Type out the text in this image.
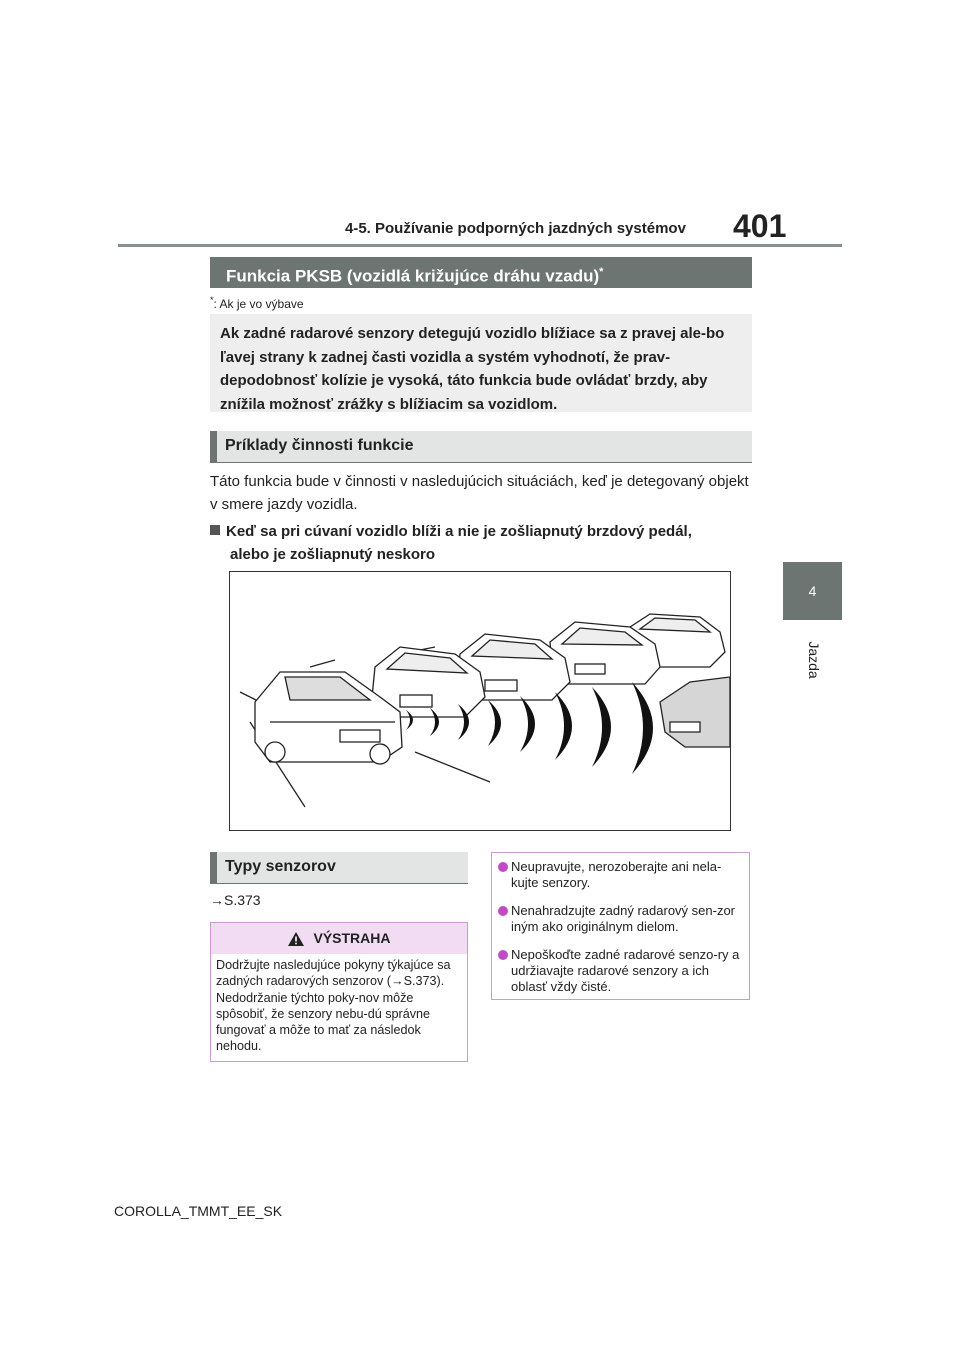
4-5. Používanie podporných jazdných systémov 401
4
Jazda
Funkcia PKSB (vozidlá križujúce dráhu vzadu)*
*: Ak je vo výbave
Ak zadné radarové senzory detegujú vozidlo blížiace sa z pravej ale-bo ľavej strany k zadnej časti vozidla a systém vyhodnotí, že prav-depodobnosť kolízie je vysoká, táto funkcia bude ovládať brzdy, aby znížila možnosť zrážky s blížiacim sa vozidlom.
Príklady činnosti funkcie
Táto funkcia bude v činnosti v nasledujúcich situáciách, keď je detegovaný objekt v smere jazdy vozidla.
Keď sa pri cúvaní vozidlo blíži a nie je zošliapnutý brzdový pedál,
alebo je zošliapnutý neskoro
Typy senzorov
→S.373
VÝSTRAHA
Dodržujte nasledujúce pokyny týkajúce sa zadných radarových senzorov (→S.373). Nedodržanie týchto poky-nov môže spôsobiť, že senzory nebu-dú správne fungovať a môže to mať za následok nehodu.
Neupravujte, nerozoberajte ani nela-kujte senzory.
Nenahradzujte zadný radarový sen-zor iným ako originálnym dielom.
Nepoškoďte zadné radarové senzo-ry a udržiavajte radarové senzory a ich oblasť vždy čisté.
COROLLA_TMMT_EE_SK
